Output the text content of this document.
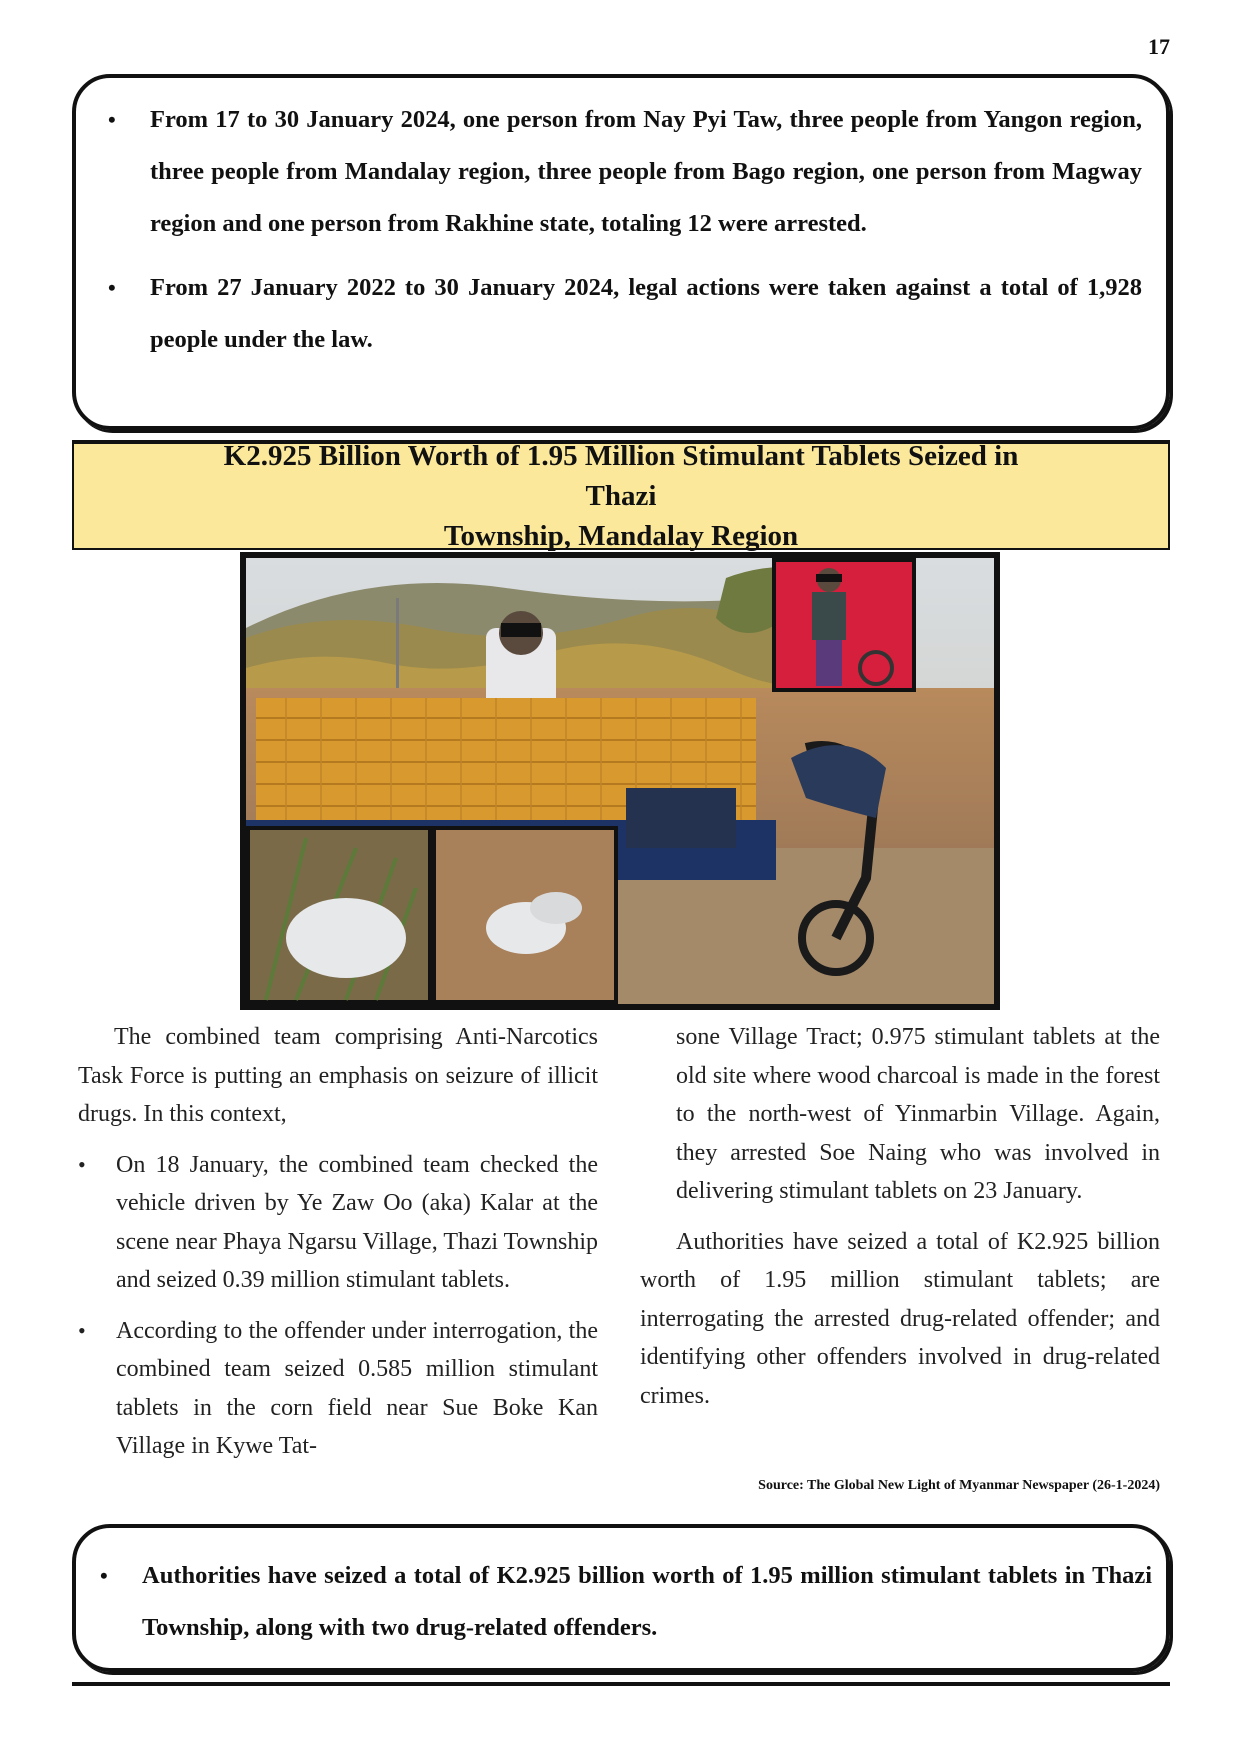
17
• From 17 to 30 January 2024, one person from Nay Pyi Taw, three people from Yangon region, three people from Mandalay region, three people from Bago region, one person from Magway region and one person from Rakhine state, totaling 12 were arrested.
• From 27 January 2022 to 30 January 2024, legal actions were taken against a total of 1,928 people under the law.
K2.925 Billion Worth of 1.95 Million Stimulant Tablets Seized in Thazi
Township, Mandalay Region

The combined team comprising Anti-Narcotics Task Force is putting an emphasis on seizure of illicit drugs. In this context,

• On 18 January, the combined team checked the vehicle driven by Ye Zaw Oo (aka) Kalar at the scene near Phaya Ngarsu Village, Thazi Township and seized 0.39 million stimulant tablets.
• According to the offender under interrogation, the combined team seized 0.585 million stimulant tablets in the corn field near Sue Boke Kan Village in Kywe Tat-

sone Village Tract; 0.975 stimulant tablets at the old site where wood charcoal is made in the forest to the north-west of Yinmarbin Village. Again, they arrested Soe Naing who was involved in delivering stimulant tablets on 23 January.

Authorities have seized a total of K2.925 billion worth of 1.95 million stimulant tablets; are interrogating the arrested drug-related offender; and identifying other offenders involved in drug-related crimes.

Source: The Global New Light of Myanmar Newspaper (26-1-2024)
• Authorities have seized a total of K2.925 billion worth of 1.95 million stimulant tablets in Thazi Township, along with two drug-related offenders.
